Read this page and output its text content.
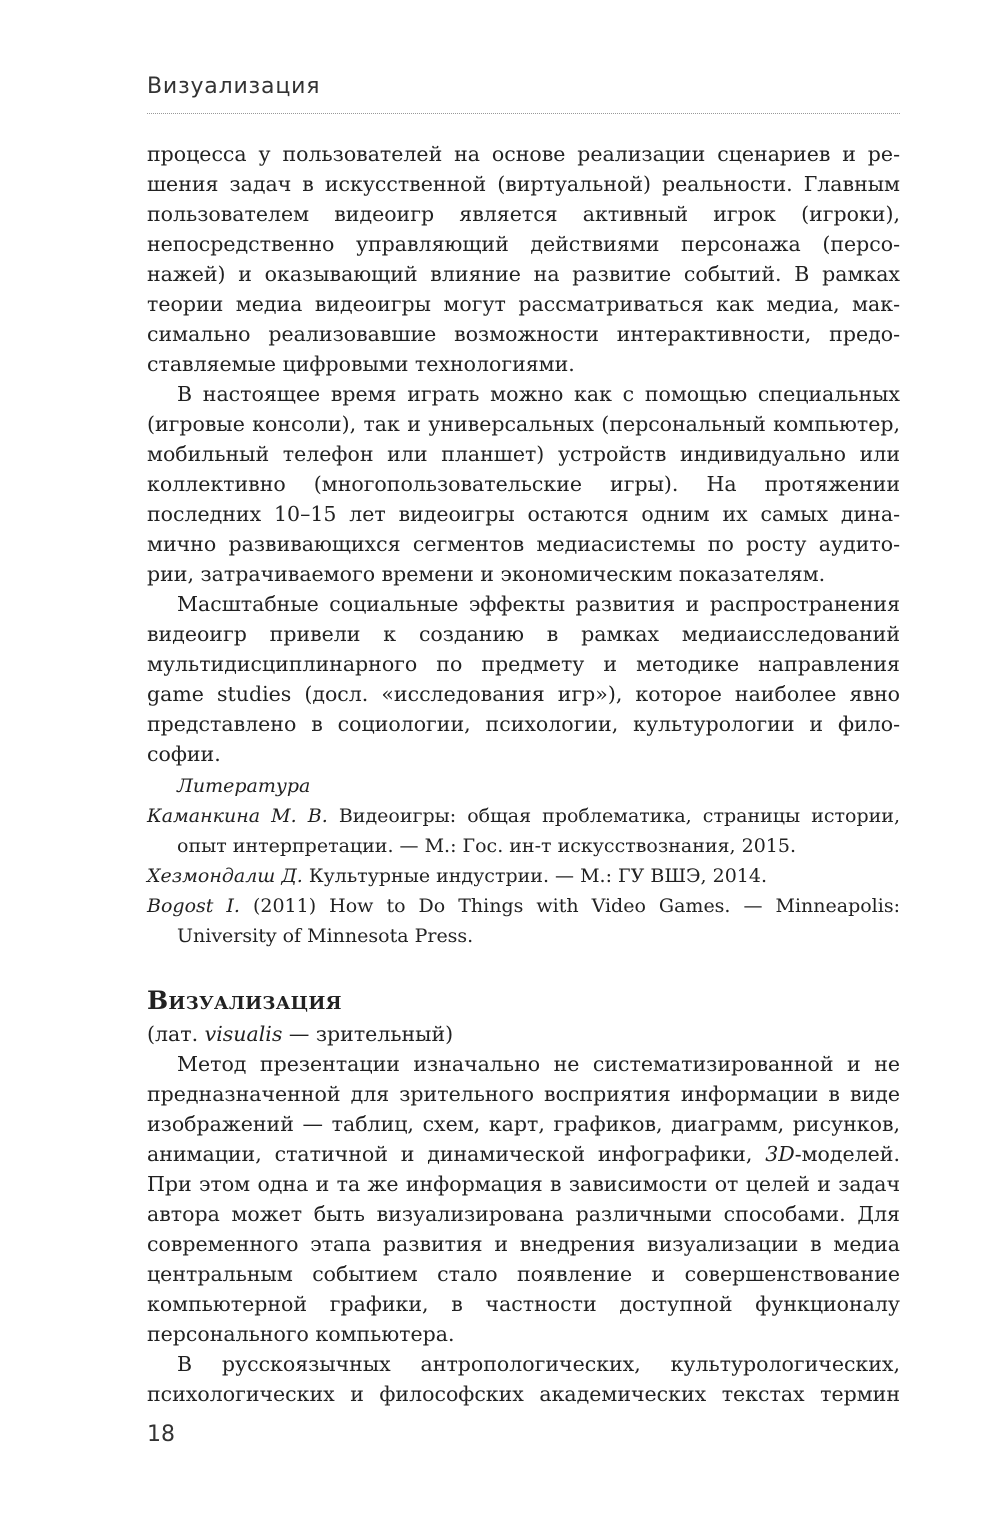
Визуализация

процесса у пользователей на основе реализации сценариев и решения задач в искусственной (виртуальной) реальности. Главным пользователем видеоигр является активный игрок (игроки), непосредственно управляющий действиями персонажа (персонажей) и оказывающий влияние на развитие событий. В рамках теории медиа видеоигры могут рассматриваться как медиа, максимально реализовавшие возможности интерактивности, предоставляемые цифровыми технологиями.

В настоящее время играть можно как с помощью специальных (игровые консоли), так и универсальных (персональный компьютер, мобильный телефон или планшет) устройств индивидуально или коллективно (многопользовательские игры). На протяжении последних 10–15 лет видеоигры остаются одним их самых динамично развивающихся сегментов медиасистемы по росту аудитории, затрачиваемого времени и экономическим показателям.

Масштабные социальные эффекты развития и распространения видеоигр привели к созданию в рамках медиаисследований мультидисциплинарного по предмету и методике направления game studies (досл. «исследования игр»), которое наиболее явно представлено в социологии, психологии, культурологии и философии.

Литература
Каманкина М. В. Видеоигры: общая проблематика, страницы истории, опыт интерпретации. — М.: Гос. ин-т искусствознания, 2015.
Хезмондалш Д. Культурные индустрии. — М.: ГУ ВШЭ, 2014.
Bogost I. (2011) How to Do Things with Video Games. — Minneapolis: University of Minnesota Press.
Визуализация
(лат. visualis — зрительный)

Метод презентации изначально не систематизированной и не предназначенной для зрительного восприятия информации в виде изображений — таблиц, схем, карт, графиков, диаграмм, рисунков, анимации, статичной и динамической инфографики, 3D-моделей. При этом одна и та же информация в зависимости от целей и задач автора может быть визуализирована различными способами. Для современного этапа развития и внедрения визуализации в медиа центральным событием стало появление и совершенствование компьютерной графики, в частности доступной функционалу персонального компьютера.

В русскоязычных антропологических, культурологических, психологических и философских академических текстах термин

18
